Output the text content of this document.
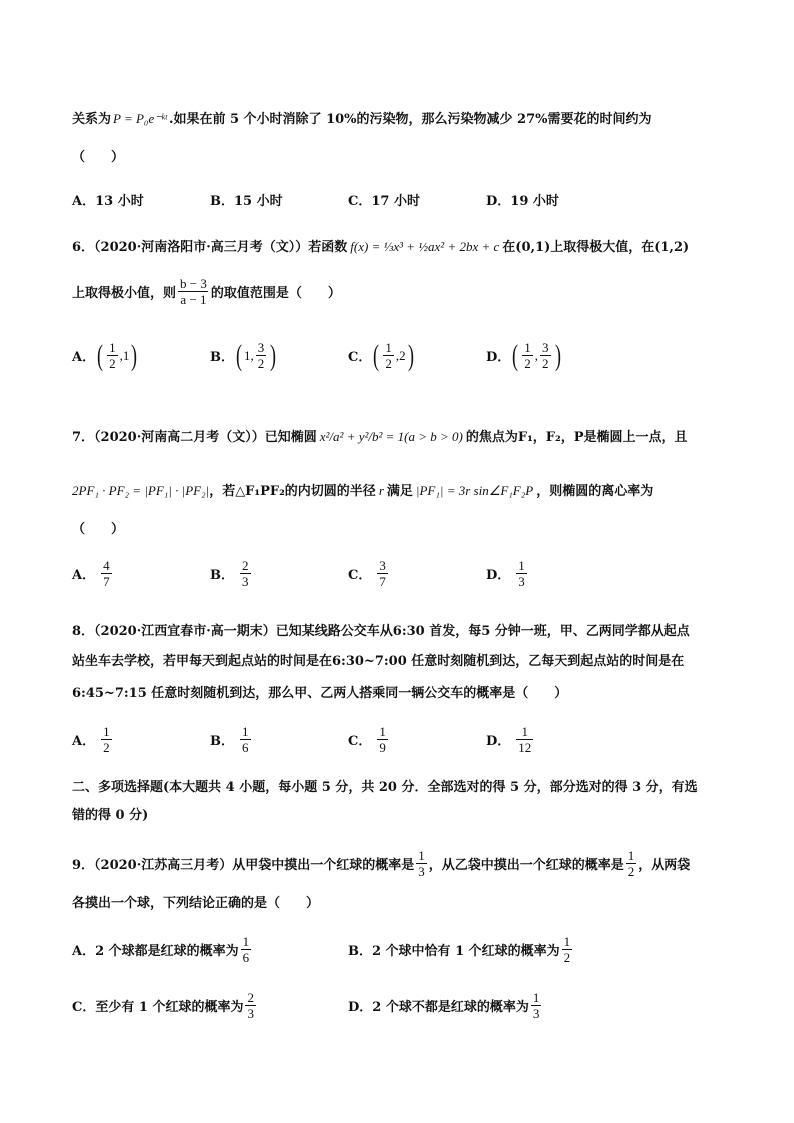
关系为 P = P₀e⁻ᵏᵗ .如果在前 5 个小时消除了 10%的污染物，那么污染物减少 27%需要花的时间约为
（　　）
A．13 小时	B．15 小时	C．17 小时	D．19 小时
6．（2020·河南洛阳市·高三月考（文））若函数 f(x) = ⅓x³ + ½ax² + 2bx + c 在(0,1)上取得极大值，在(1,2)
上取得极小值，则 $\frac{b - 3}{a - 1}$ 的取值范围是（　　）
A． ( $\frac{1}{2}$ , 1 )	B． ( 1 , $\frac{3}{2}$ )	C． ( $\frac{1}{2}$ , 2 )	D． ( $\frac{1}{2}$ , $\frac{3}{2}$ )
7．（2020·河南高二月考（文））已知椭圆 x²/a² + y²/b² = 1(a > b > 0) 的焦点为F₁，F₂，P是椭圆上一点，且
2PF₁ · PF₂ = |PF₁| · |PF₂|，若△F₁PF₂的内切圆的半径 r 满足 |PF₁| = 3r sin∠F₁F₂P ，则椭圆的离心率为
（　　）
A． $\frac{4}{7}$	B． $\frac{2}{3}$	C． $\frac{3}{7}$	D． $\frac{1}{3}$
8．（2020·江西宜春市·高一期末）已知某线路公交车从6:30 首发，每5 分钟一班，甲、乙两同学都从起点
站坐车去学校，若甲每天到起点站的时间是在6:30~7:00 任意时刻随机到达，乙每天到起点站的时间是在
6:45~7:15 任意时刻随机到达，那么甲、乙两人搭乘同一辆公交车的概率是（　　）
A． $\frac{1}{2}$	B． $\frac{1}{6}$	C． $\frac{1}{9}$	D． $\frac{1}{12}$
二、多项选择题(本大题共 4 小题，每小题 5 分，共 20 分．全部选对的得 5 分，部分选对的得 3 分，有选
错的得 0 分)
9．（2020·江苏高三月考）从甲袋中摸出一个红球的概率是 $\frac{1}{3}$ ，从乙袋中摸出一个红球的概率是 $\frac{1}{2}$ ，从两袋
各摸出一个球，下列结论正确的是（　　）
A．2 个球都是红球的概率为 $\frac{1}{6}$	B．2 个球中恰有 1 个红球的概率为 $\frac{1}{2}$
C．至少有 1 个红球的概率为 $\frac{2}{3}$	D．2 个球不都是红球的概率为 $\frac{1}{3}$
